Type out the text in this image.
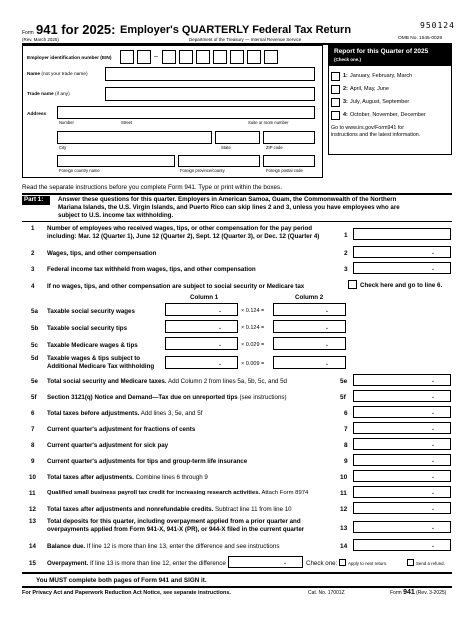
Form 941 for 2025: Employer's QUARTERLY Federal Tax Return
(Rev. March 2025)	Department of the Treasury — Internal Revenue Service	OMB No. 1545-0029
950124
Employer identification number (EIN)	–
Name (not your trade name)
Trade name (if any)
Address
Number	Street	Suite or room number
City	State	ZIP code
Foreign country name	Foreign province/county	Foreign postal code
Report for this Quarter of 2025
(Check one.)
1: January, February, March
2: April, May, June
3: July, August, September
4: October, November, December
Go to www.irs.gov/Form941 for
instructions and the latest information.
Read the separate instructions before you complete Form 941. Type or print within the boxes.
Part 1:	Answer these questions for this quarter. Employers in American Samoa, Guam, the Commonwealth of the Northern
Mariana Islands, the U.S. Virgin Islands, and Puerto Rico can skip lines 2 and 3, unless you have employees who are
subject to U.S. income tax withholding.
1 Number of employees who received wages, tips, or other compensation for the pay period
including: Mar. 12 (Quarter 1), June 12 (Quarter 2), Sept. 12 (Quarter 3), or Dec. 12 (Quarter 4)	1
2 Wages, tips, and other compensation	2	.
3 Federal income tax withheld from wages, tips, and other compensation	3	.
4 If no wages, tips, and other compensation are subject to social security or Medicare tax	Check here and go to line 6.
Column 1	Column 2
5a Taxable social security wages	.	× 0.124 =	.
5b Taxable social security tips	.	× 0.124 =	.
5c Taxable Medicare wages & tips	.	× 0.029 =	.
5d Taxable wages & tips subject to
Additional Medicare Tax withholding	.	× 0.009 =	.
5e Total social security and Medicare taxes. Add Column 2 from lines 5a, 5b, 5c, and 5d	5e	.
5f Section 3121(q) Notice and Demand—Tax due on unreported tips (see instructions)	5f	.
6 Total taxes before adjustments. Add lines 3, 5e, and 5f	6	.
7 Current quarter's adjustment for fractions of cents	7	.
8 Current quarter's adjustment for sick pay	8	.
9 Current quarter's adjustments for tips and group-term life insurance	9	.
10 Total taxes after adjustments. Combine lines 6 through 9	10	.
11 Qualified small business payroll tax credit for increasing research activities. Attach Form 8974	11	.
12 Total taxes after adjustments and nonrefundable credits. Subtract line 11 from line 10	12	.
13 Total deposits for this quarter, including overpayment applied from a prior quarter and
overpayments applied from Form 941-X, 941-X (PR), or 944-X filed in the current quarter	13	.
14 Balance due. If line 12 is more than line 13, enter the difference and see instructions	14	.
15 Overpayment. If line 13 is more than line 12, enter the difference	.	Check one: Apply to next return.	Send a refund.
You MUST complete both pages of Form 941 and SIGN it.
For Privacy Act and Paperwork Reduction Act Notice, see separate instructions.	Cat. No. 17001Z	Form 941 (Rev. 3-2025)
